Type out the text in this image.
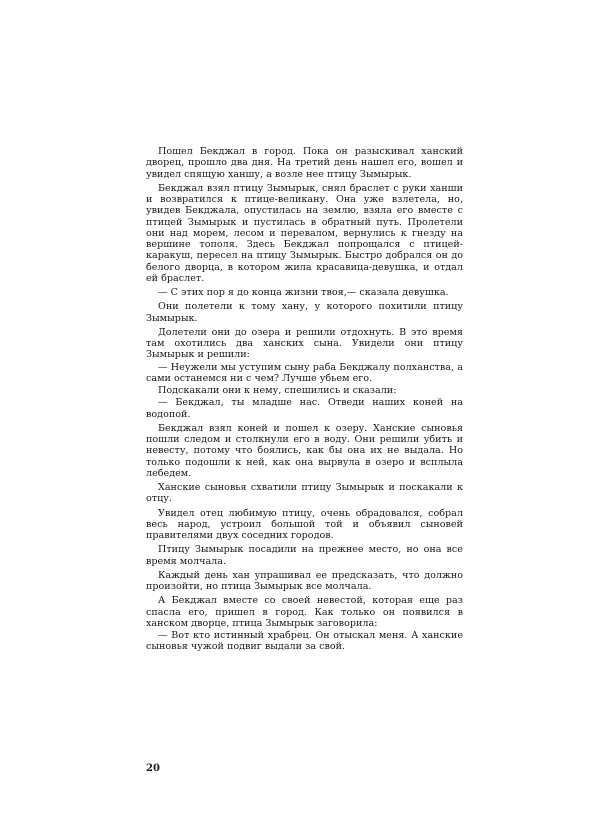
Пошел Бекджал в город. Пока он разыскивал ханский дворец, прошло два дня. На третий день нашел его, вошел и увидел спящую ханшу, а возле нее птицу Зымырык.

Бекджал взял птицу Зымырык, снял браслет с руки ханши и возвратился к птице-великану. Она уже взлетела, но, увидев Бекджала, опустилась на землю, взяла его вместе с птицей Зымырык и пустилась в обратный путь. Пролетели они над морем, лесом и перевалом, вернулись к гнезду на вершине тополя. Здесь Бекджал попрощался с птицей-каракуш, пересел на птицу Зымырык. Быстро добрался он до белого дворца, в котором жила красавица-девушка, и отдал ей браслет.

— С этих пор я до конца жизни твоя,— сказала девушка.

Они полетели к тому хану, у которого похитили птицу Зымырык.

Долетели они до озера и решили отдохнуть. В это время там охотились два ханских сына. Увидели они птицу Зымырык и решили:

— Неужели мы уступим сыну раба Бекджалу полханства, а сами останемся ни с чем? Лучше убьем его.

Подскакали они к нему, спешились и сказали:

— Бекджал, ты младше нас. Отведи наших коней на водопой.

Бекджал взял коней и пошел к озеру. Ханские сыновья пошли следом и столкнули его в воду. Они решили убить и невесту, потому что боялись, как бы она их не выдала. Но только подошли к ней, как она вырвула в озеро и всплыла лебедем.

Ханские сыновья схватили птицу Зымырык и поскакали к отцу.

Увидел отец любимую птицу, очень обрадовался, собрал весь народ, устроил большой той и объявил сыновей правителями двух соседних городов.

Птицу Зымырык посадили на прежнее место, но она все время молчала.

Каждый день хан упрашивал ее предсказать, что должно произойти, но птица Зымырык все молчала.

А Бекджал вместе со своей невестой, которая еще раз спасла его, пришел в город. Как только он появился в ханском дворце, птица Зымырык заговорила:

— Вот кто истинный храбрец. Он отыскал меня. А ханские сыновья чужой подвиг выдали за свой.

20
